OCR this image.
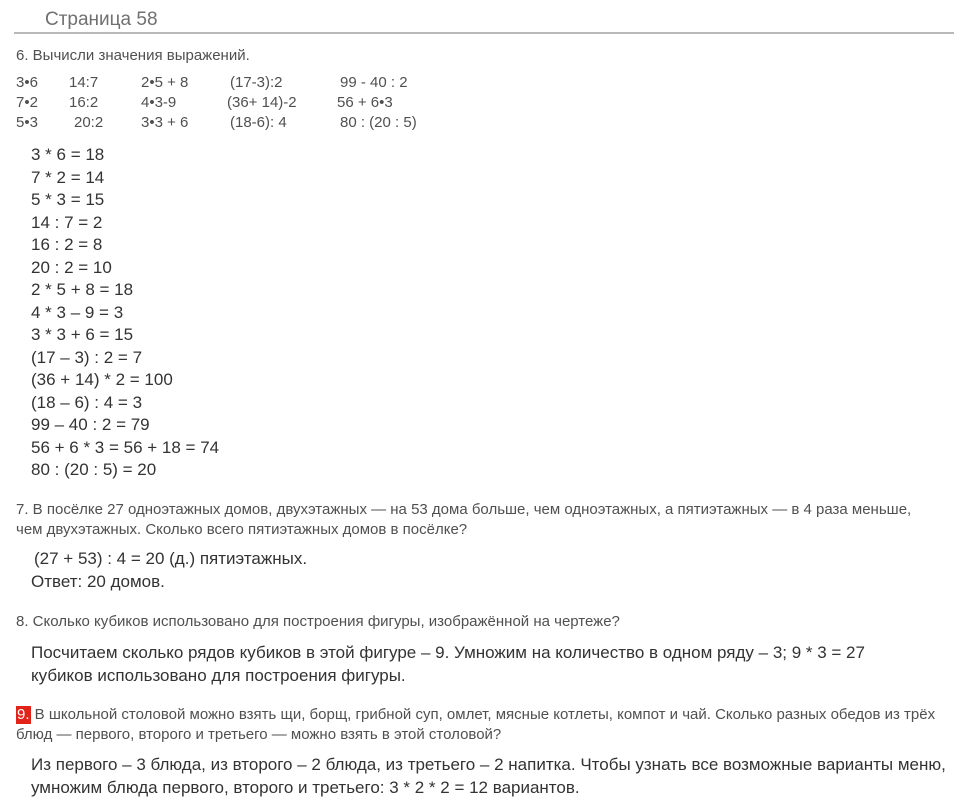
Страница 58
6. Вычисли значения выражений.
3•6 14:7	2•5 + 8	(17-3):2	99 - 40 : 2
7•2 16:2	4•3-9	(36+ 14)-2	56 + 6•3
5•3 20:2	3•3 + 6	(18-6): 4	80 : (20 : 5)
3 * 6 = 18
7 * 2 = 14
5 * 3 = 15
14 : 7 = 2
16 : 2 = 8
20 : 2 = 10
2 * 5 + 8 = 18
4 * 3 – 9 = 3
3 * 3 + 6 = 15
(17 – 3) : 2 = 7
(36 + 14) * 2 = 100
(18 – 6) : 4 = 3
99 – 40 : 2 = 79
56 + 6 * 3 = 56 + 18 = 74
80 : (20 : 5) = 20
7. В посёлке 27 одноэтажных домов, двухэтажных — на 53 дома больше, чем одноэтажных, а пятиэтажных — в 4 раза меньше, чем двухэтажных. Сколько всего пятиэтажных домов в посёлке?
(27 + 53) : 4 = 20 (д.) пятиэтажных.
Ответ: 20 домов.
8. Сколько кубиков использовано для построения фигуры, изображённой на чертеже?
Посчитаем сколько рядов кубиков в этой фигуре – 9. Умножим на количество в одном ряду – 3; 9 * 3 = 27 кубиков использовано для построения фигуры.
9. В школьной столовой можно взять щи, борщ, грибной суп, омлет, мясные котлеты, компот и чай. Сколько разных обедов из трёх блюд — первого, второго и третьего — можно взять в этой столовой?
Из первого – 3 блюда, из второго – 2 блюда, из третьего – 2 напитка. Чтобы узнать все возможные варианты меню, умножим блюда первого, второго и третьего: 3 * 2 * 2 = 12 вариантов.
